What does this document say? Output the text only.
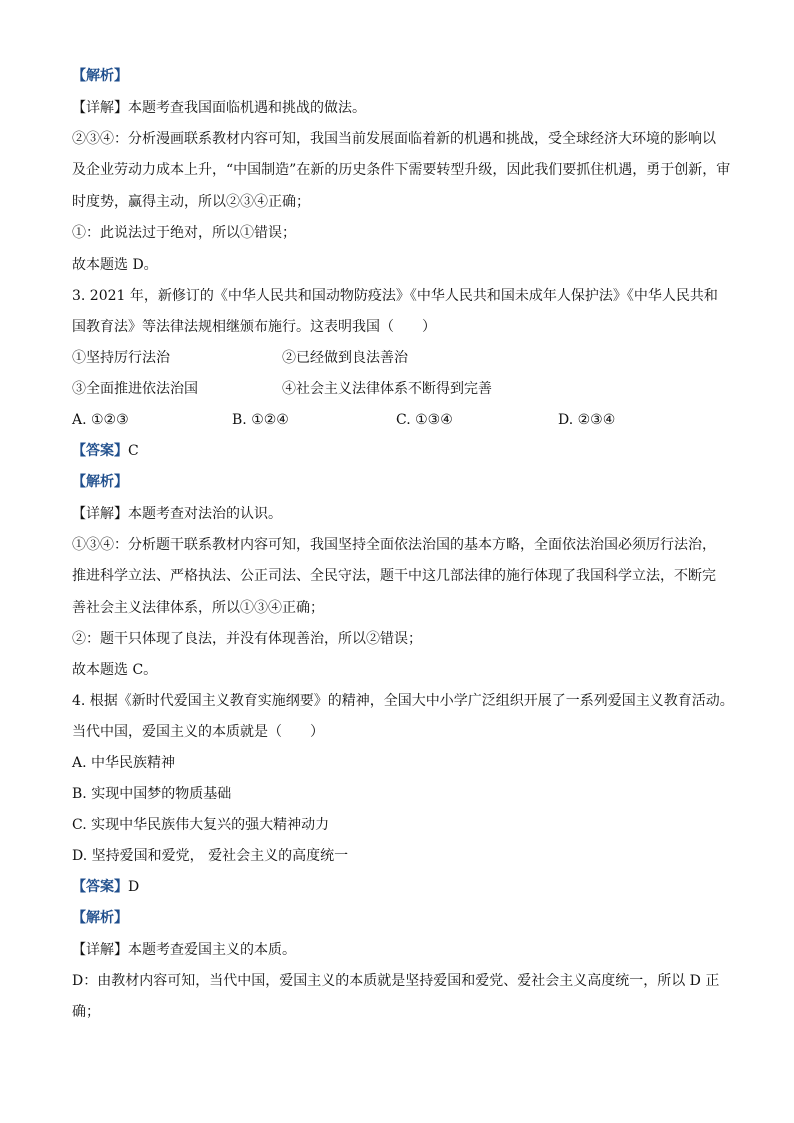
【解析】
【详解】本题考查我国面临机遇和挑战的做法。
②③④：分析漫画联系教材内容可知，我国当前发展面临着新的机遇和挑战，受全球经济大环境的影响以
及企业劳动力成本上升，“中国制造”在新的历史条件下需要转型升级，因此我们要抓住机遇，勇于创新，审
时度势，赢得主动，所以②③④正确；
①：此说法过于绝对，所以①错误；
故本题选 D。
3. 2021 年，新修订的《中华人民共和国动物防疫法》《中华人民共和国未成年人保护法》《中华人民共和
国教育法》等法律法规相继颁布施行。这表明我国（　　）
①坚持厉行法治	②已经做到良法善治
③全面推进依法治国	④社会主义法律体系不断得到完善
A. ①②③	B. ①②④	C. ①③④	D. ②③④
【答案】C
【解析】
【详解】本题考查对法治的认识。
①③④：分析题干联系教材内容可知，我国坚持全面依法治国的基本方略，全面依法治国必须厉行法治，
推进科学立法、严格执法、公正司法、全民守法，题干中这几部法律的施行体现了我国科学立法，不断完
善社会主义法律体系，所以①③④正确；
②：题干只体现了良法，并没有体现善治，所以②错误；
故本题选 C。
4. 根据《新时代爱国主义教育实施纲要》的精神，全国大中小学广泛组织开展了一系列爱国主义教育活动。
当代中国，爱国主义的本质就是（　　）
A. 中华民族精神
B. 实现中国梦的物质基础
C. 实现中华民族伟大复兴的强大精神动力
D. 坚持爱国和爱党， 爱社会主义的高度统一
【答案】D
【解析】
【详解】本题考查爱国主义的本质。
D：由教材内容可知，当代中国，爱国主义的本质就是坚持爱国和爱党、爱社会主义高度统一，所以 D 正
确；
